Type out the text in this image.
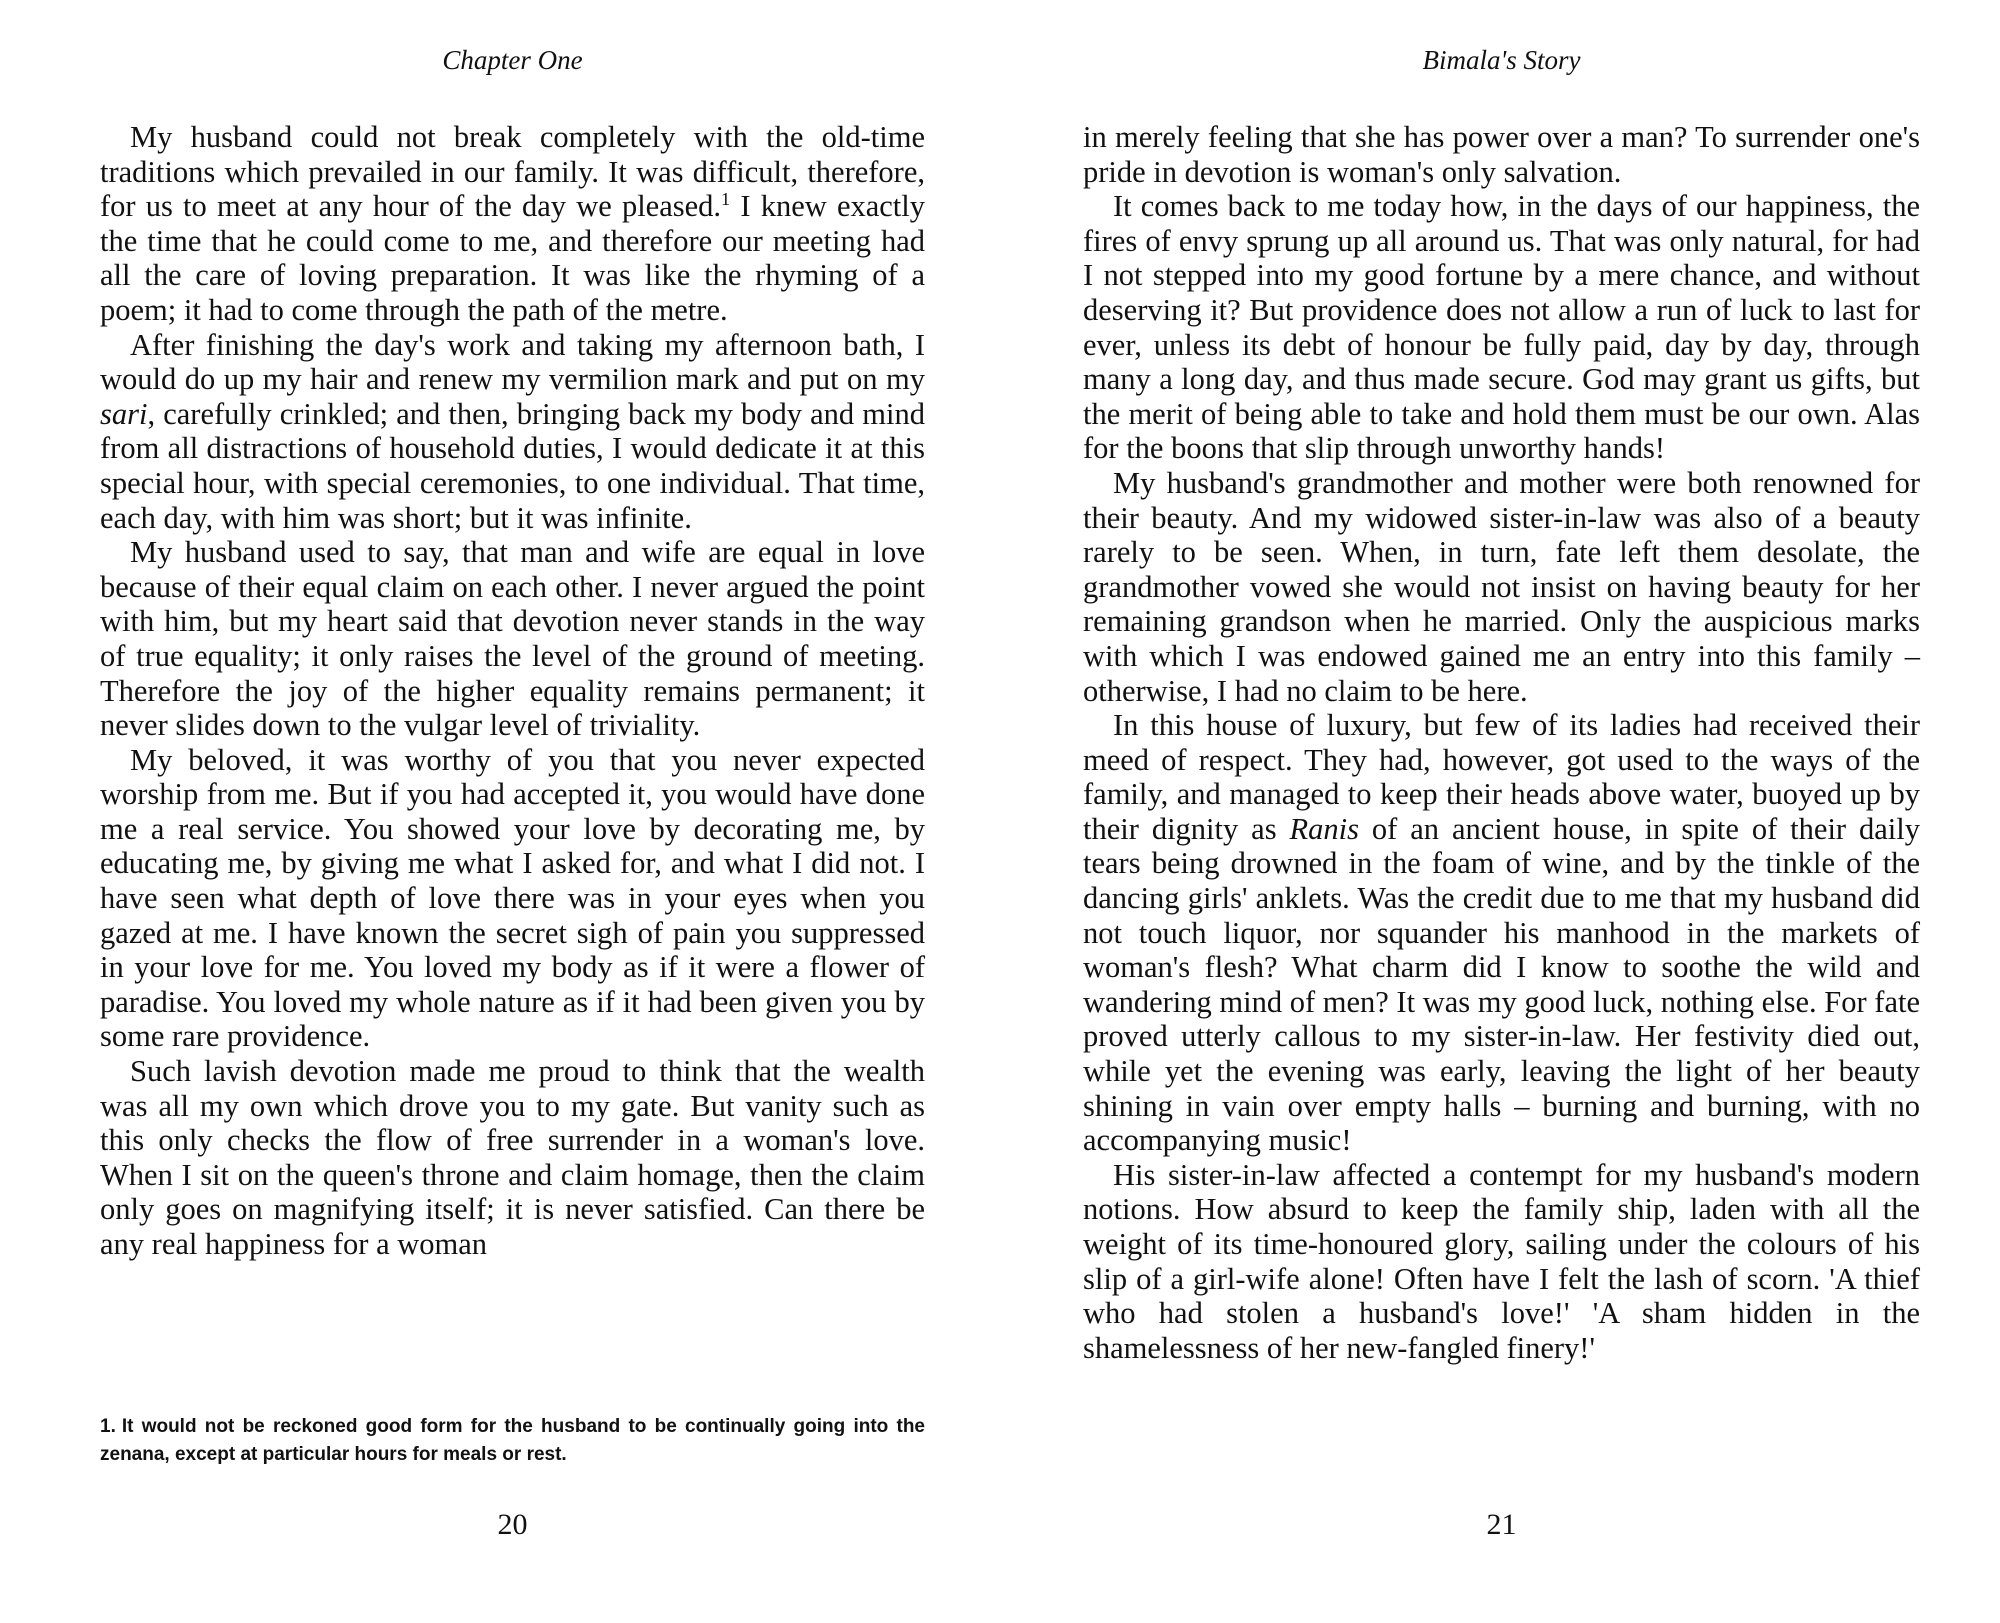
Chapter One

My husband could not break completely with the old-time traditions which prevailed in our family. It was difficult, therefore, for us to meet at any hour of the day we pleased.$^1$ I knew exactly the time that he could come to me, and therefore our meeting had all the care of loving preparation. It was like the rhyming of a poem; it had to come through the path of the metre.

After finishing the day's work and taking my afternoon bath, I would do up my hair and renew my vermilion mark and put on my sari, carefully crinkled; and then, bringing back my body and mind from all distractions of household duties, I would dedicate it at this special hour, with special ceremonies, to one individual. That time, each day, with him was short; but it was infinite.

My husband used to say, that man and wife are equal in love because of their equal claim on each other. I never argued the point with him, but my heart said that devotion never stands in the way of true equality; it only raises the level of the ground of meeting. Therefore the joy of the higher equality remains permanent; it never slides down to the vulgar level of triviality.

My beloved, it was worthy of you that you never expected worship from me. But if you had accepted it, you would have done me a real service. You showed your love by decorating me, by educating me, by giving me what I asked for, and what I did not. I have seen what depth of love there was in your eyes when you gazed at me. I have known the secret sigh of pain you suppressed in your love for me. You loved my body as if it were a flower of paradise. You loved my whole nature as if it had been given you by some rare providence.

Such lavish devotion made me proud to think that the wealth was all my own which drove you to my gate. But vanity such as this only checks the flow of free surrender in a woman's love. When I sit on the queen's throne and claim homage, then the claim only goes on magnifying itself; it is never satisfied. Can there be any real happiness for a woman

1. It would not be reckoned good form for the husband to be continually going into the zenana, except at particular hours for meals or rest.
20
Bimala's Story

in merely feeling that she has power over a man? To surrender one's pride in devotion is woman's only salvation.

It comes back to me today how, in the days of our happiness, the fires of envy sprung up all around us. That was only natural, for had I not stepped into my good fortune by a mere chance, and without deserving it? But providence does not allow a run of luck to last for ever, unless its debt of honour be fully paid, day by day, through many a long day, and thus made secure. God may grant us gifts, but the merit of being able to take and hold them must be our own. Alas for the boons that slip through unworthy hands!

My husband's grandmother and mother were both renowned for their beauty. And my widowed sister-in-law was also of a beauty rarely to be seen. When, in turn, fate left them desolate, the grandmother vowed she would not insist on having beauty for her remaining grandson when he married. Only the auspicious marks with which I was endowed gained me an entry into this family – otherwise, I had no claim to be here.

In this house of luxury, but few of its ladies had received their meed of respect. They had, however, got used to the ways of the family, and managed to keep their heads above water, buoyed up by their dignity as Ranis of an ancient house, in spite of their daily tears being drowned in the foam of wine, and by the tinkle of the dancing girls' anklets. Was the credit due to me that my husband did not touch liquor, nor squander his manhood in the markets of woman's flesh? What charm did I know to soothe the wild and wandering mind of men? It was my good luck, nothing else. For fate proved utterly callous to my sister-in-law. Her festivity died out, while yet the evening was early, leaving the light of her beauty shining in vain over empty halls – burning and burning, with no accompanying music!

His sister-in-law affected a contempt for my husband's modern notions. How absurd to keep the family ship, laden with all the weight of its time-honoured glory, sailing under the colours of his slip of a girl-wife alone! Often have I felt the lash of scorn. 'A thief who had stolen a husband's love!' 'A sham hidden in the shamelessness of her new-fangled finery!'

21
